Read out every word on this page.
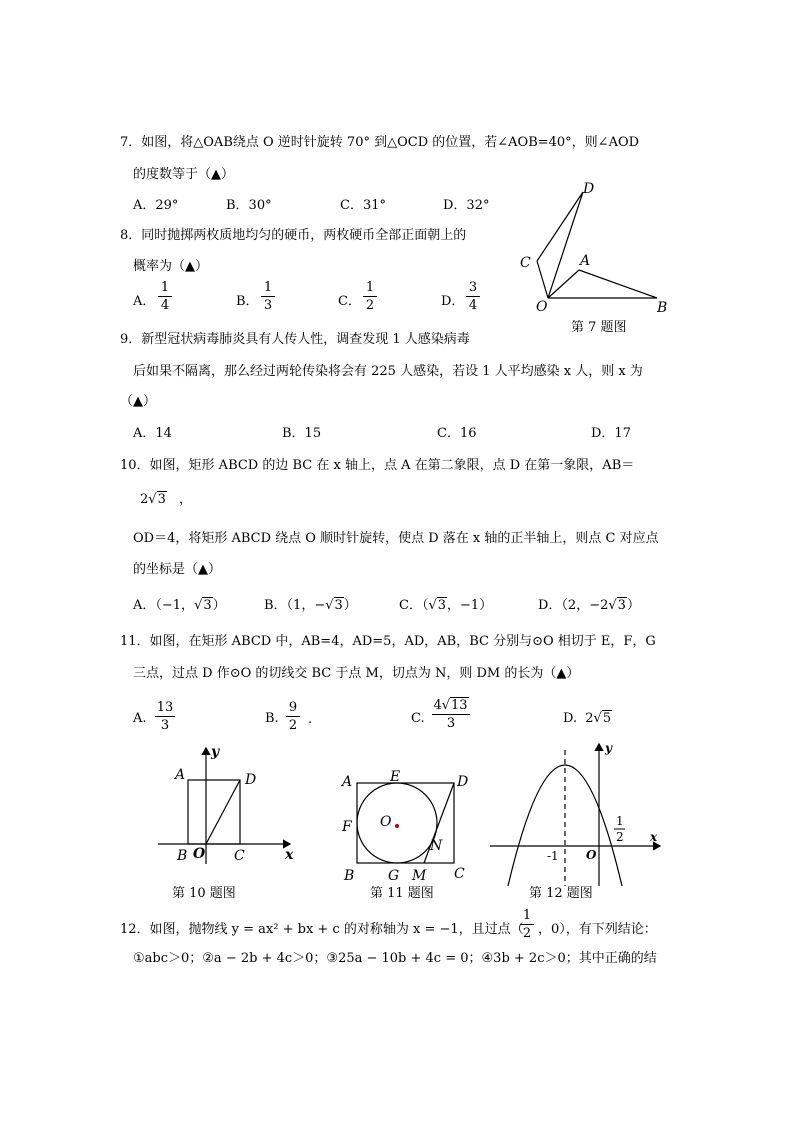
7．如图，将△OAB绕点 O 逆时针旋转 70° 到△OCD 的位置，若∠AOB=40°，则∠AOD
的度数等于（▲）
A．29°	B．30°	C．31°	D．32°
D
C	A
O	B
第 7 题图
8．同时抛掷两枚质地均匀的硬币，两枚硬币全部正面朝上的
概率为（▲）
A． $\frac{1}{4}$	B． $\frac{1}{3}$	C． $\frac{1}{2}$	D． $\frac{3}{4}$
9．新型冠状病毒肺炎具有人传人性，调查发现 1 人感染病毒
后如果不隔离，那么经过两轮传染将会有 225 人感染，若设 1 人平均感染 x 人，则 x 为
（▲）
A．14	B．15	C．16	D．17
10．如图，矩形 ABCD 的边 BC 在 x 轴上，点 A 在第二象限，点 D 在第一象限，AB＝
2√3 ，
OD＝4，将矩形 ABCD 绕点 O 顺时针旋转，使点 D 落在 x 轴的正半轴上，则点 C 对应点
的坐标是（▲）
A．（−1，√3）	B．（1，−√3）	C．（√3，−1）	D．（2，−2√3）
11．如图，在矩形 ABCD 中，AB=4，AD=5，AD，AB，BC 分别与⊙O 相切于 E，F，G
三点，过点 D 作⊙O 的切线交 BC 于点 M，切点为 N，则 DM 的长为（▲）
A. $\frac{13}{3}$	B. $\frac{9}{2}$ .	C. $\frac{4√13}{3}$	D. 2√5
A	D
B O C	x
y
第 10 题图
A	E	D
F O
N
B G M C
第 11 题图
y
x
O
-1
1
2
第 12 题图
12．如图，抛物线 y = ax² + bx + c 的对称轴为 x = −1，且过点（
$\frac{1}{2}$ ，0），有下列结论：
①abc＞0；②a − 2b + 4c＞0；③25a − 10b + 4c = 0；④3b + 2c＞0；其中正确的结
